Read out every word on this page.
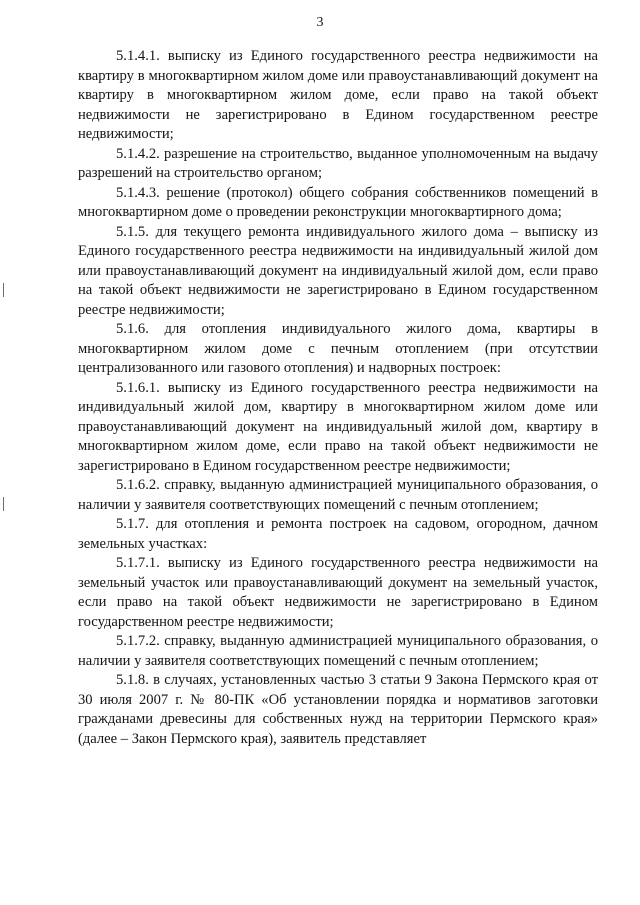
3

5.1.4.1. выписку из Единого государственного реестра недвижимости на квартиру в многоквартирном жилом доме или правоустанавливающий документ на квартиру в многоквартирном жилом доме, если право на такой объект недвижимости не зарегистрировано в Едином государственном реестре недвижимости;

5.1.4.2. разрешение на строительство, выданное уполномоченным на выдачу разрешений на строительство органом;

5.1.4.3. решение (протокол) общего собрания собственников помещений в многоквартирном доме о проведении реконструкции многоквартирного дома;

5.1.5. для текущего ремонта индивидуального жилого дома – выписку из Единого государственного реестра недвижимости на индивидуальный жилой дом или правоустанавливающий документ на индивидуальный жилой дом, если право на такой объект недвижимости не зарегистрировано в Едином государственном реестре недвижимости;

5.1.6. для отопления индивидуального жилого дома, квартиры в многоквартирном жилом доме с печным отоплением (при отсутствии централизованного или газового отопления) и надворных построек:

5.1.6.1. выписку из Единого государственного реестра недвижимости на индивидуальный жилой дом, квартиру в многоквартирном жилом доме или правоустанавливающий документ на индивидуальный жилой дом, квартиру в многоквартирном жилом доме, если право на такой объект недвижимости не зарегистрировано в Едином государственном реестре недвижимости;

5.1.6.2. справку, выданную администрацией муниципального образования, о наличии у заявителя соответствующих помещений с печным отоплением;

5.1.7. для отопления и ремонта построек на садовом, огородном, дачном земельных участках:

5.1.7.1. выписку из Единого государственного реестра недвижимости на земельный участок или правоустанавливающий документ на земельный участок, если право на такой объект недвижимости не зарегистрировано в Едином государственном реестре недвижимости;

5.1.7.2. справку, выданную администрацией муниципального образования, о наличии у заявителя соответствующих помещений с печным отоплением;

5.1.8. в случаях, установленных частью 3 статьи 9 Закона Пермского края от 30 июля 2007 г. № 80-ПК «Об установлении порядка и нормативов заготовки гражданами древесины для собственных нужд на территории Пермского края» (далее – Закон Пермского края), заявитель представляет
